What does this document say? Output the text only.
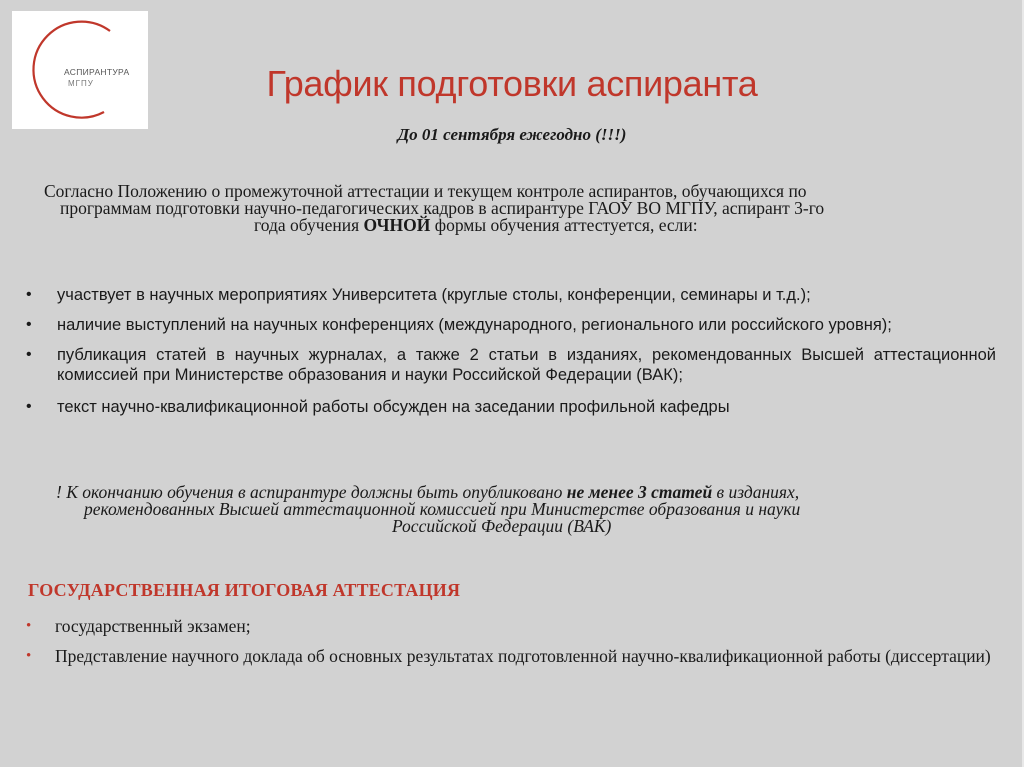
АСПИРАНТУРА
МГПУ	График подготовки аспиранта
До 01 сентября ежегодно (!!!)
Согласно Положению о промежуточной аттестации и текущем контроле аспирантов, обучающихся по
программам подготовки научно-педагогических кадров в аспирантуре ГАОУ ВО МГПУ, аспирант 3-го
года обучения ОЧНОЙ формы обучения аттестуется, если:
• участвует в научных мероприятиях Университета (круглые столы, конференции, семинары и т.д.);
• наличие выступлений на научных конференциях (международного, регионального или российского уровня);
• публикация статей в научных журналах, а также 2 статьи в изданиях, рекомендованных Высшей аттестационной комиссией при Министерстве образования и науки Российской Федерации (ВАК);
• текст научно-квалификационной работы обсужден на заседании профильной кафедры
! К окончанию обучения в аспирантуре должны быть опубликовано не менее 3 статей в изданиях,
рекомендованных Высшей аттестационной комиссией при Министерстве образования и науки
Российской Федерации (ВАК)
ГОСУДАРСТВЕННАЯ ИТОГОВАЯ АТТЕСТАЦИЯ
• государственный экзамен;
• Представление научного доклада об основных результатах подготовленной научно-квалификационной работы (диссертации)
